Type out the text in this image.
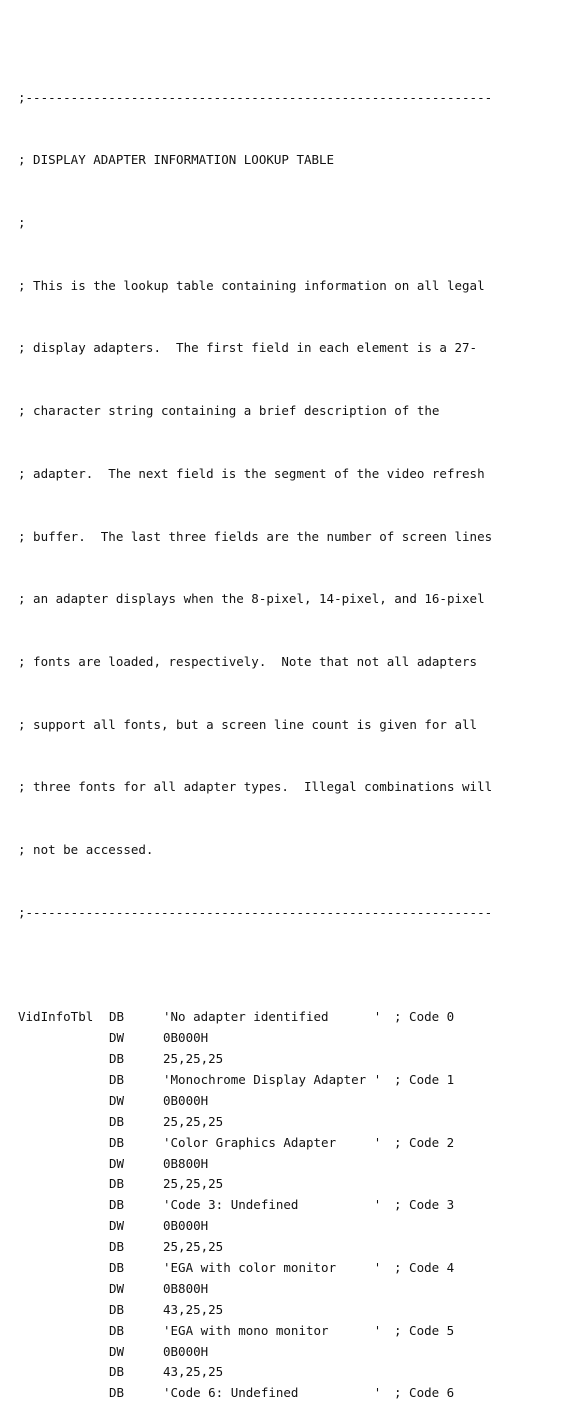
;--------------------------------------------------------------

; DISPLAY ADAPTER INFORMATION LOOKUP TABLE

;

; This is the lookup table containing information on all legal

; display adapters.  The first field in each element is a 27-

; character string containing a brief description of the

; adapter.  The next field is the segment of the video refresh

; buffer.  The last three fields are the number of screen lines

; an adapter displays when the 8-pixel, 14-pixel, and 16-pixel

; fonts are loaded, respectively.  Note that not all adapters

; support all fonts, but a screen line count is given for all

; three fonts for all adapter types.  Illegal combinations will

; not be accessed.

;--------------------------------------------------------------

VidInfoTbl DB	'No adapter identified      ' ; Code 0
DW	0B000H
DB	25,25,25
DB	'Monochrome Display Adapter ' ; Code 1
DW	0B000H
DB	25,25,25
DB	'Color Graphics Adapter     ' ; Code 2
DW	0B800H
DB	25,25,25
DB	'Code 3: Undefined          ' ; Code 3
DW	0B000H
DB	25,25,25
DB	'EGA with color monitor     ' ; Code 4
DW	0B800H
DB	43,25,25
DB	'EGA with mono monitor      ' ; Code 5
DW	0B000H
DB	43,25,25
DB	'Code 6: Undefined          ' ; Code 6
